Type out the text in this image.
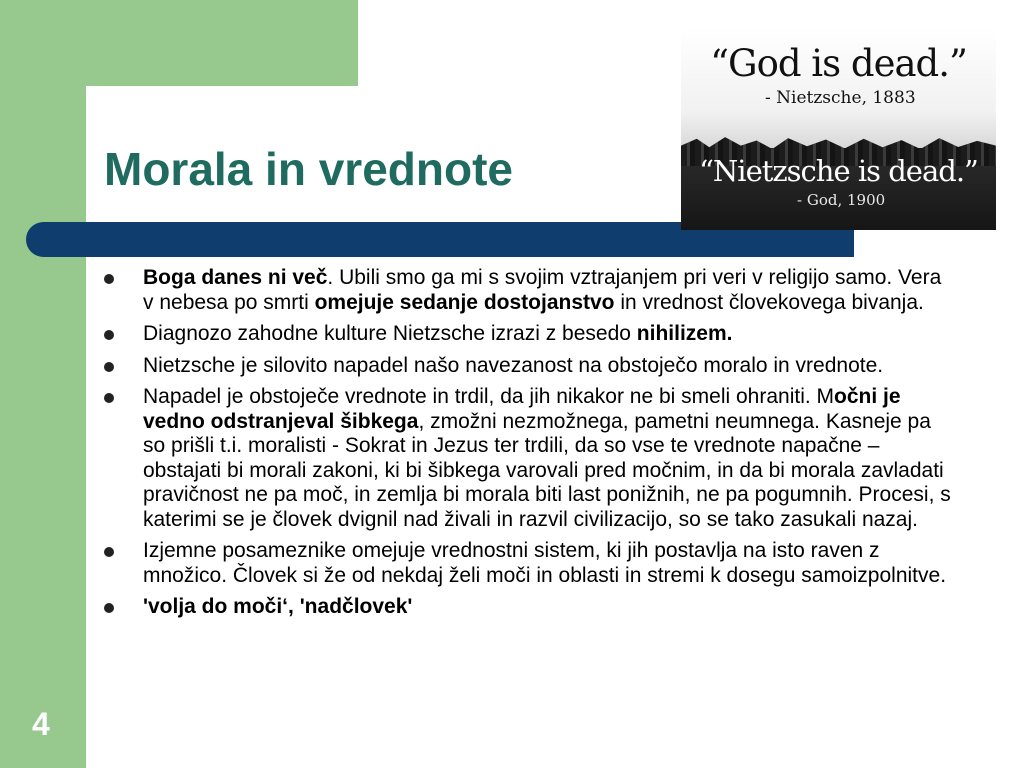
Morala in vrednote

“God is dead.”

- Nietzsche, 1883

“Nietzsche is dead.”

- God, 1900

Boga danes ni več. Ubili smo ga mi s svojim vztrajanjem pri veri v religijo samo. Vera v nebesa po smrti omejuje sedanje dostojanstvo in vrednost človekovega bivanja.
Diagnozo zahodne kulture Nietzsche izrazi z besedo nihilizem.
Nietzsche je silovito napadel našo navezanost na obstoječo moralo in vrednote.
Napadel je obstoječe vrednote in trdil, da jih nikakor ne bi smeli ohraniti. Močni je vedno odstranjeval šibkega, zmožni nezmožnega, pametni neumnega. Kasneje pa so prišli t.i. moralisti - Sokrat in Jezus ter trdili, da so vse te vrednote napačne – obstajati bi morali zakoni, ki bi šibkega varovali pred močnim, in da bi morala zavladati pravičnost ne pa moč, in zemlja bi morala biti last ponižnih, ne pa pogumnih. Procesi, s katerimi se je človek dvignil nad živali in razvil civilizacijo, so se tako zasukali nazaj.
Izjemne posameznike omejuje vrednostni sistem, ki jih postavlja na isto raven z množico. Človek si že od nekdaj želi moči in oblasti in stremi k dosegu samoizpolnitve.
'volja do moči‘, 'nadčlovek'

4
